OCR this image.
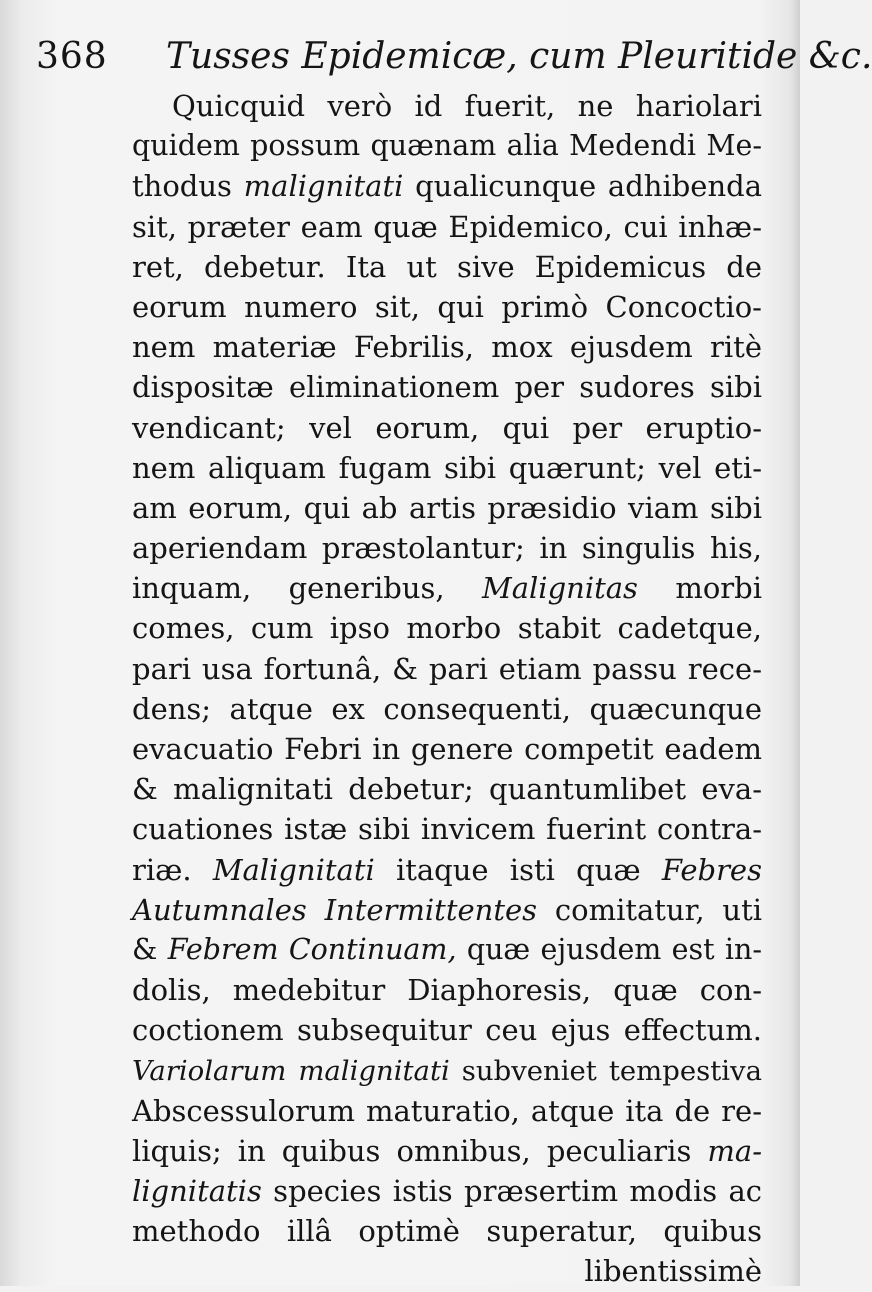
368 Tusses Epidemicæ, cum Pleuritide &c.
Quicquid verò id fuerit, ne hariolari
quidem possum quænam alia Medendi Me-
thodus malignitati qualicunque adhibenda
sit, præter eam quæ Epidemico, cui inhæ-
ret, debetur. Ita ut sive Epidemicus de
eorum numero sit, qui primò Concoctio-
nem materiæ Febrilis, mox ejusdem ritè
dispositæ eliminationem per sudores sibi
vendicant; vel eorum, qui per eruptio-
nem aliquam fugam sibi quærunt; vel eti-
am eorum, qui ab artis præsidio viam sibi
aperiendam præstolantur; in singulis his,
inquam, generibus, Malignitas morbi
comes, cum ipso morbo stabit cadetque,
pari usa fortunâ, & pari etiam passu rece-
dens; atque ex consequenti, quæcunque
evacuatio Febri in genere competit eadem
& malignitati debetur; quantumlibet eva-
cuationes istæ sibi invicem fuerint contra-
riæ. Malignitati itaque isti quæ Febres
Autumnales Intermittentes comitatur, uti
& Febrem Continuam, quæ ejusdem est in-
dolis, medebitur Diaphoresis, quæ con-
coctionem subsequitur ceu ejus effectum.
Variolarum malignitati subveniet tempestiva
Abscessulorum maturatio, atque ita de re-
liquis; in quibus omnibus, peculiaris ma-
lignitatis species istis præsertim modis ac
methodo illâ optimè superatur, quibus
libentissimè
